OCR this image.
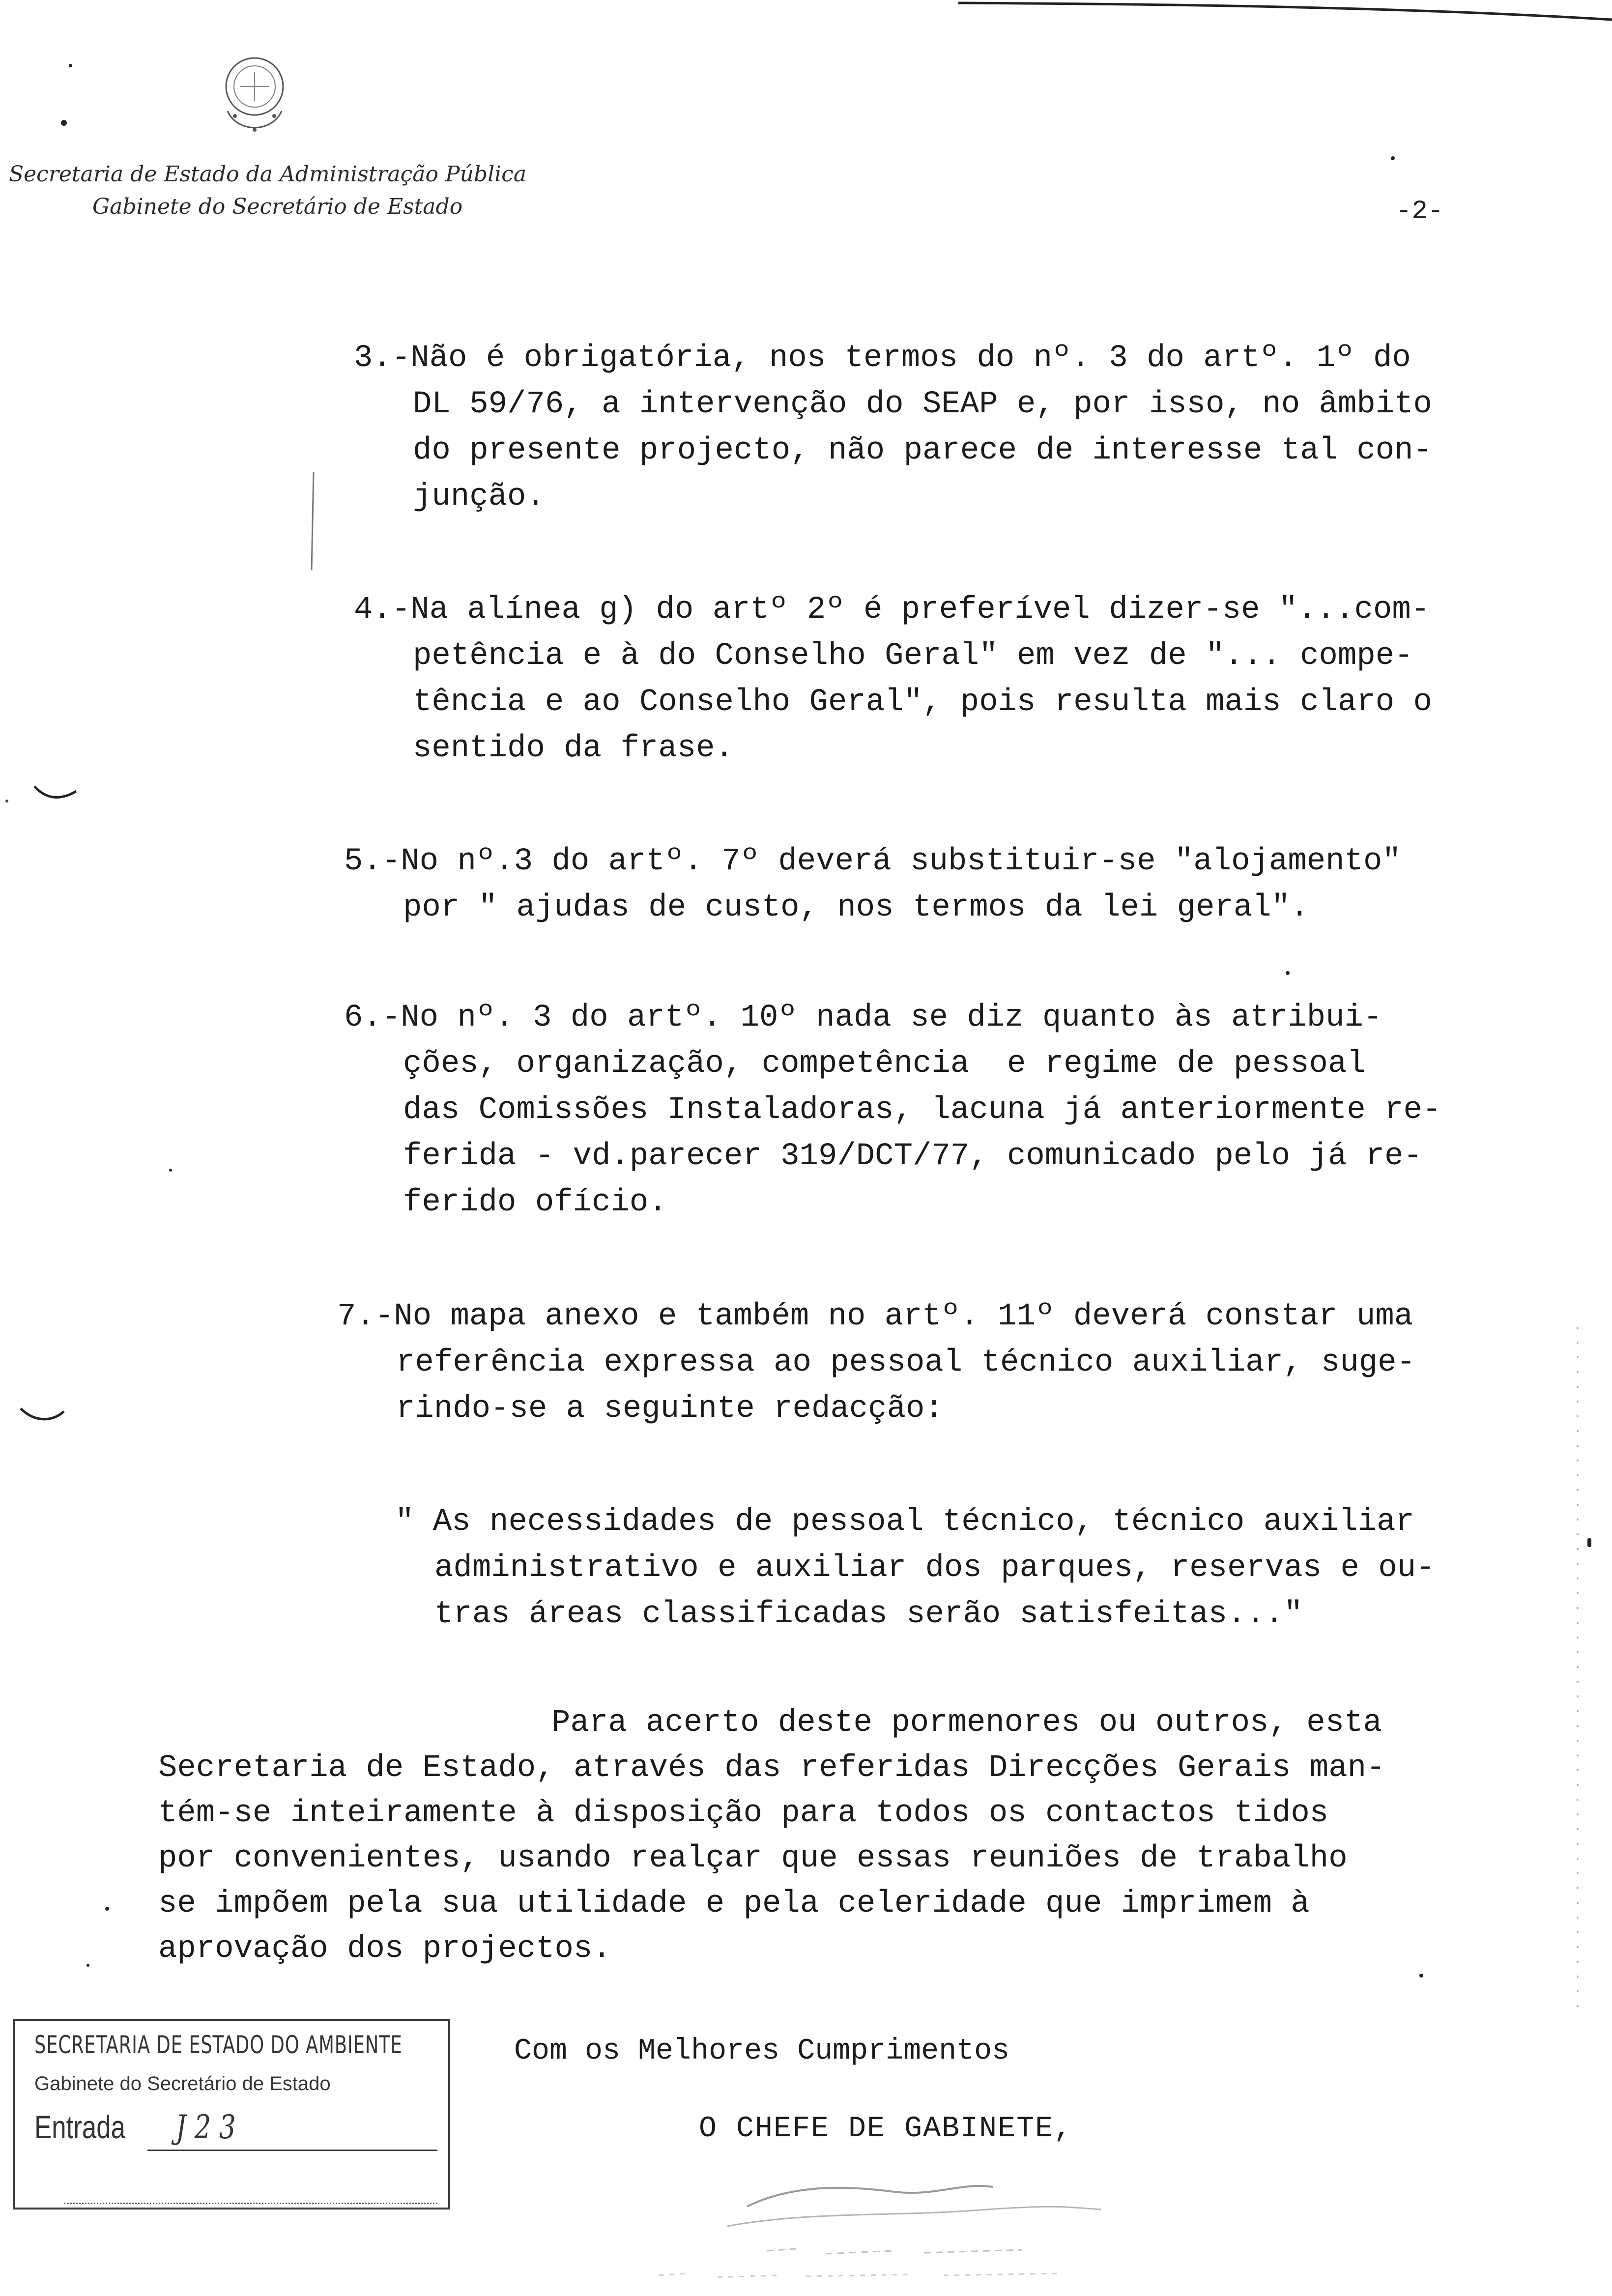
Secretaria de Estado da Administração Pública
Gabinete do Secretário de Estado	-2-
3.-Não é obrigatória, nos termos do nº. 3 do artº. 1º do
DL 59/76, a intervenção do SEAP e, por isso, no âmbito
do presente projecto, não parece de interesse tal con-
junção.
4.-Na alínea g) do artº 2º é preferível dizer-se "...com-
petência e à do Conselho Geral" em vez de "... compe-
tência e ao Conselho Geral", pois resulta mais claro o
sentido da frase.
5.-No nº.3 do artº. 7º deverá substituir-se "alojamento"
por " ajudas de custo, nos termos da lei geral".
6.-No nº. 3 do artº. 10º nada se diz quanto às atribui-
ções, organização, competência  e regime de pessoal
das Comissões Instaladoras, lacuna já anteriormente re-
ferida - vd.parecer 319/DCT/77, comunicado pelo já re-
ferido ofício.
7.-No mapa anexo e também no artº. 11º deverá constar uma
referência expressa ao pessoal técnico auxiliar, suge-
rindo-se a seguinte redacção:
" As necessidades de pessoal técnico, técnico auxiliar
administrativo e auxiliar dos parques, reservas e ou-
tras áreas classificadas serão satisfeitas..."
Para acerto deste pormenores ou outros, esta
Secretaria de Estado, através das referidas Direcções Gerais man-
tém-se inteiramente à disposição para todos os contactos tidos
por convenientes, usando realçar que essas reuniões de trabalho
se impõem pela sua utilidade e pela celeridade que imprimem à
aprovação dos projectos.
Com os Melhores Cumprimentos
O CHEFE DE GABINETE,
SECRETARIA DE ESTADO DO AMBIENTE
Gabinete do Secretário de Estado
Entrada J 2 3
